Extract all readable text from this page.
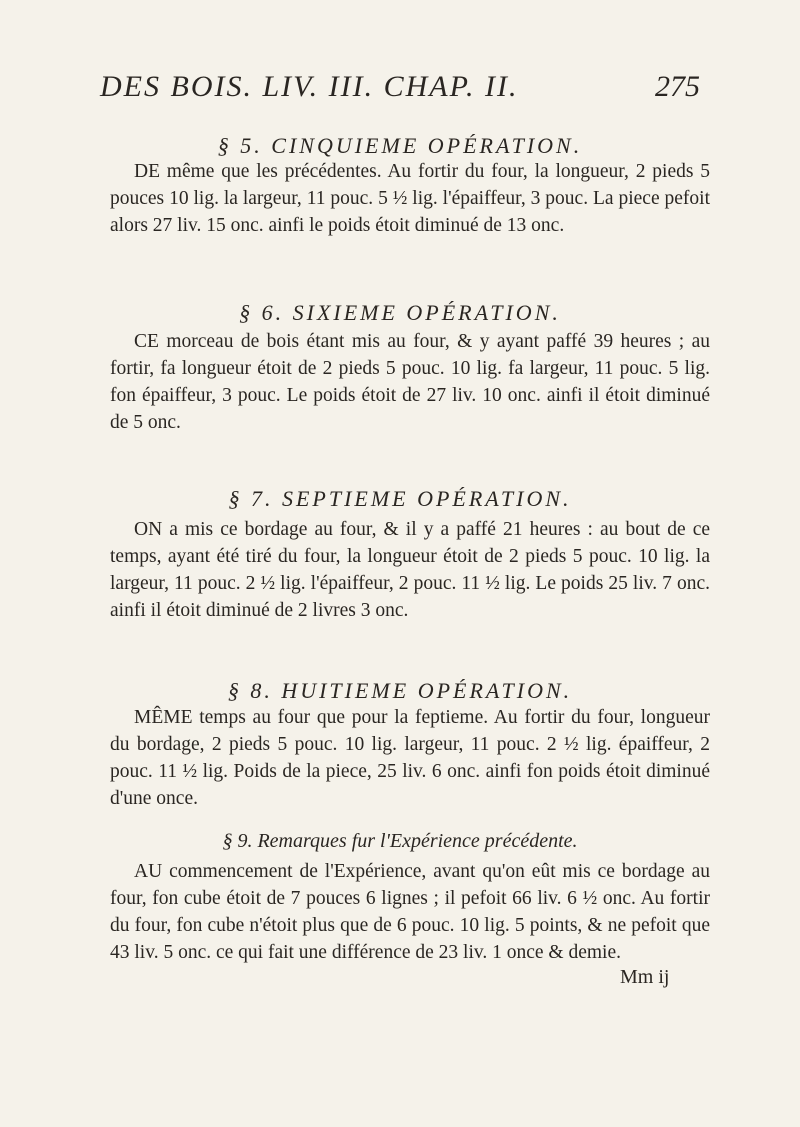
DES BOIS. LIV. III. CHAP. II.	275
§ 5. CINQUIEME OPÉRATION.

DE même que les précédentes. Au fortir du four, la longueur, 2 pieds 5 pouces 10 lig. la largeur, 11 pouc. 5 ½ lig. l'épaiffeur, 3 pouc. La piece pefoit alors 27 liv. 15 onc. ainfi le poids étoit diminué de 13 onc.

§ 6. SIXIEME OPÉRATION.

CE morceau de bois étant mis au four, & y ayant paffé 39 heures ; au fortir, fa longueur étoit de 2 pieds 5 pouc. 10 lig. fa largeur, 11 pouc. 5 lig. fon épaiffeur, 3 pouc. Le poids étoit de 27 liv. 10 onc. ainfi il étoit diminué de 5 onc.

§ 7. SEPTIEME OPÉRATION.

ON a mis ce bordage au four, & il y a paffé 21 heures : au bout de ce temps, ayant été tiré du four, la longueur étoit de 2 pieds 5 pouc. 10 lig. la largeur, 11 pouc. 2 ½ lig. l'épaiffeur, 2 pouc. 11 ½ lig. Le poids 25 liv. 7 onc. ainfi il étoit diminué de 2 livres 3 onc.

§ 8. HUITIEME OPÉRATION.

MÊME temps au four que pour la feptieme. Au fortir du four, longueur du bordage, 2 pieds 5 pouc. 10 lig. largeur, 11 pouc. 2 ½ lig. épaiffeur, 2 pouc. 11 ½ lig. Poids de la piece, 25 liv. 6 onc. ainfi fon poids étoit diminué d'une once.

§ 9. Remarques fur l'Expérience précédente.

AU commencement de l'Expérience, avant qu'on eût mis ce bordage au four, fon cube étoit de 7 pouces 6 lignes ; il pefoit 66 liv. 6 ½ onc. Au fortir du four, fon cube n'étoit plus que de 6 pouc. 10 lig. 5 points, & ne pefoit que 43 liv. 5 onc. ce qui fait une différence de 23 liv. 1 once & demie.

Mm ij
